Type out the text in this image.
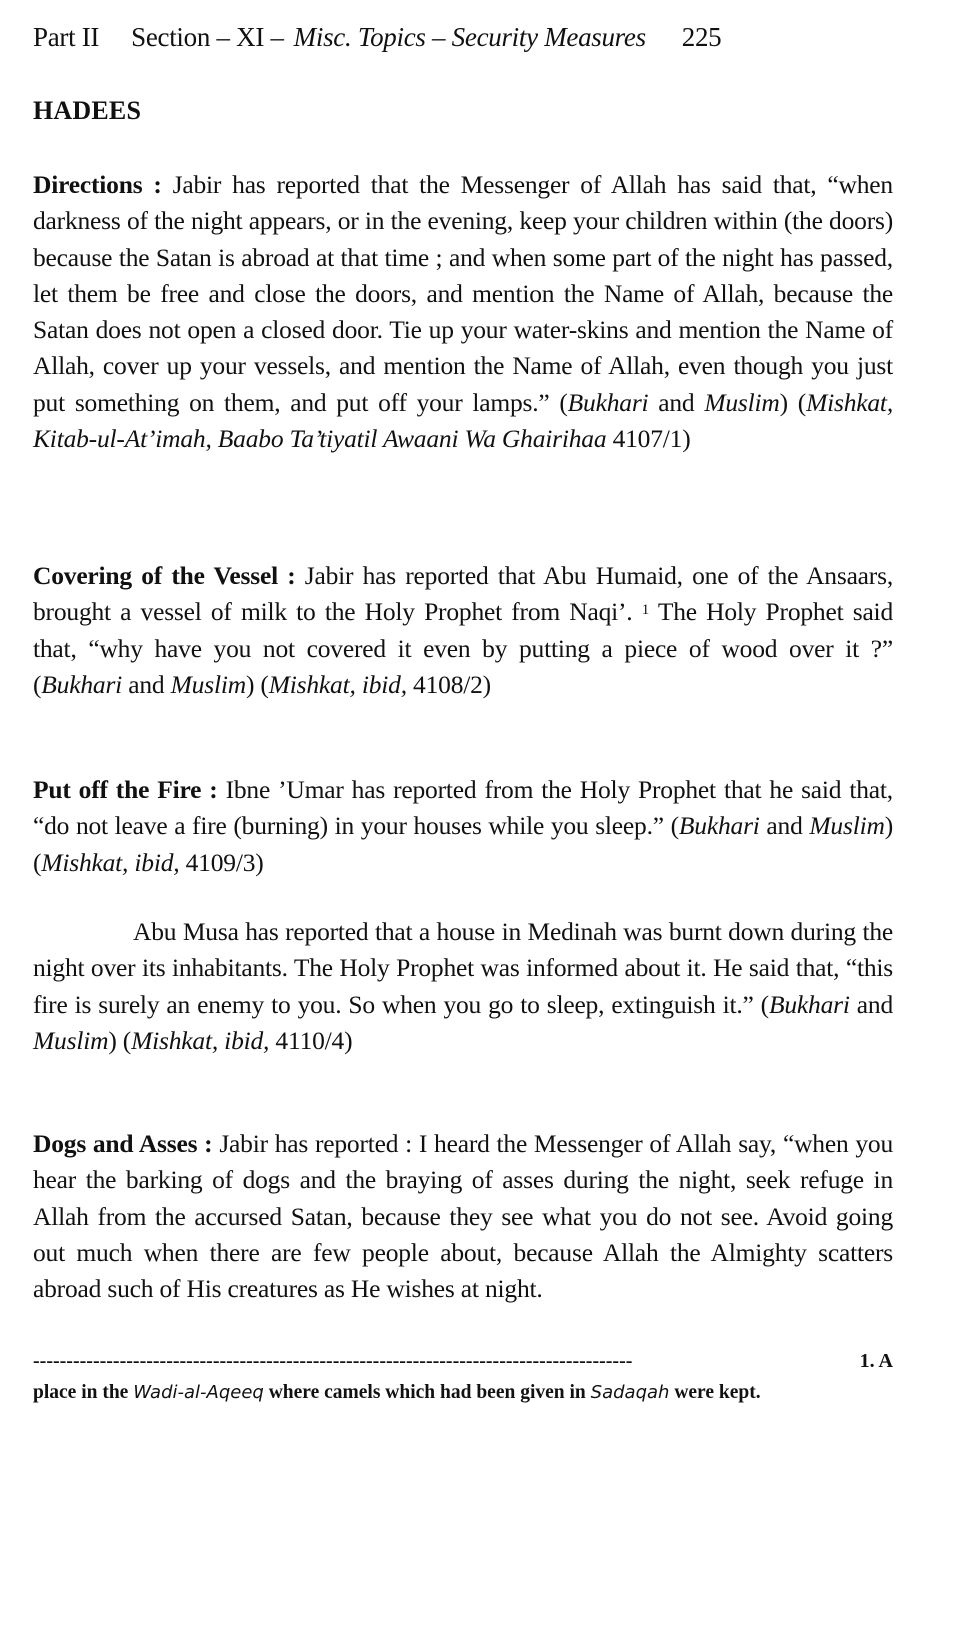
Part II Section – XI – Misc. Topics – Security Measures 225
HADEES

Directions : Jabir has reported that the Messenger of Allah has said that, “when darkness of the night appears, or in the evening, keep your children within (the doors) because the Satan is abroad at that time ; and when some part of the night has passed, let them be free and close the doors, and mention the Name of Allah, because the Satan does not open a closed door. Tie up your water-skins and mention the Name of Allah, cover up your vessels, and mention the Name of Allah, even though you just put something on them, and put off your lamps.” (Bukhari and Muslim) (Mishkat, Kitab-ul-At’imah, Baabo Ta’tiyatil Awaani Wa Ghairihaa 4107/1)

Covering of the Vessel : Jabir has reported that Abu Humaid, one of the Ansaars, brought a vessel of milk to the Holy Prophet from Naqi’. $^1$ The Holy Prophet said that, “why have you not covered it even by putting a piece of wood over it ?” (Bukhari and Muslim) (Mishkat, ibid, 4108/2)

Put off the Fire : Ibne ’Umar has reported from the Holy Prophet that he said that, “do not leave a fire (burning) in your houses while you sleep.” (Bukhari and Muslim) (Mishkat, ibid, 4109/3)

Abu Musa has reported that a house in Medinah was burnt down during the night over its inhabitants. The Holy Prophet was informed about it. He said that, “this fire is surely an enemy to you. So when you go to sleep, extinguish it.” (Bukhari and Muslim) (Mishkat, ibid, 4110/4)

Dogs and Asses : Jabir has reported : I heard the Messenger of Allah say, “when you hear the barking of dogs and the braying of asses during the night, seek refuge in Allah from the accursed Satan, because they see what you do not see. Avoid going out much when there are few people about, because Allah the Almighty scatters abroad such of His creatures as He wishes at night.

------------------------------------------------------------------------------------------	1. A

place in the Wadi-al-Aqeeq where camels which had been given in Sadaqah were kept.
